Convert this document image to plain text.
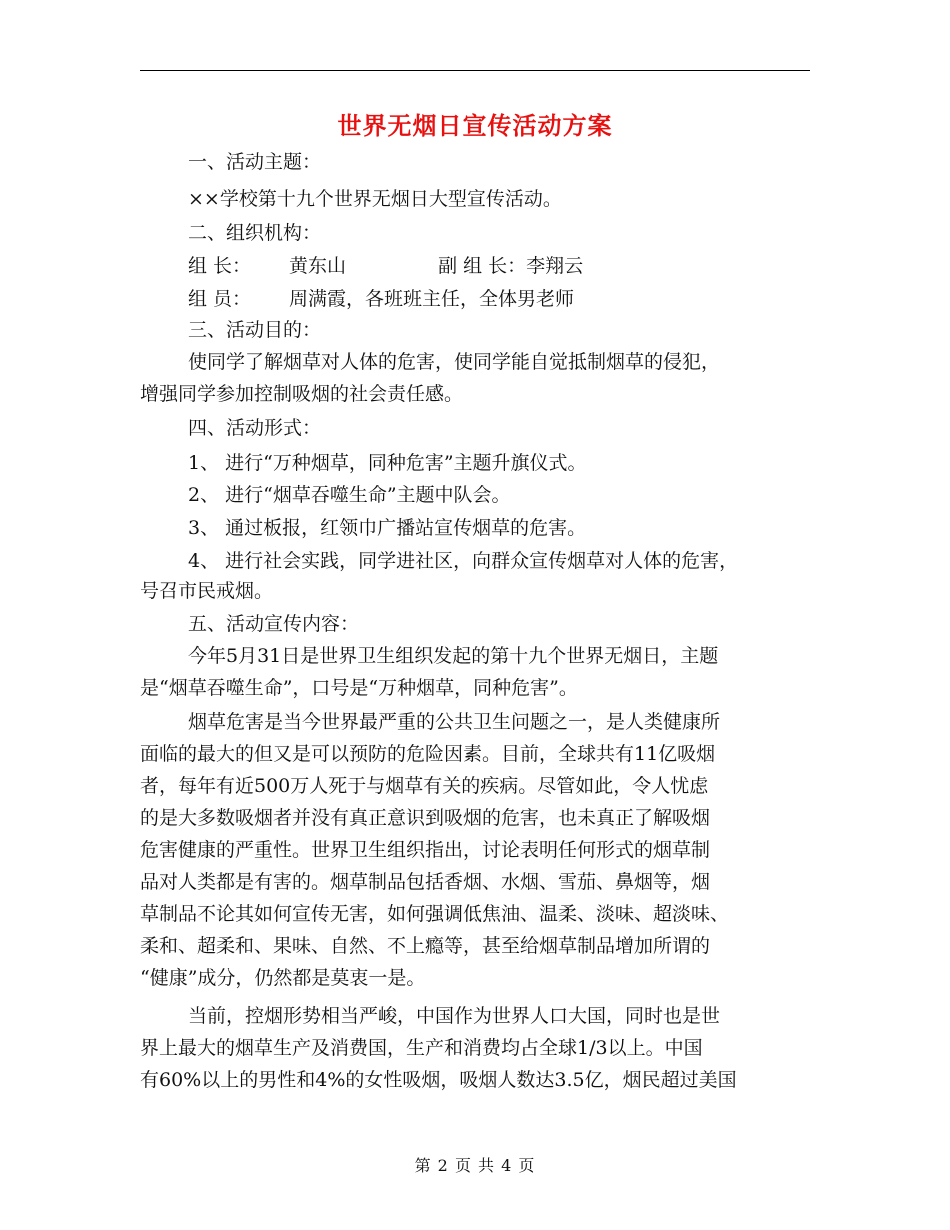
世界无烟日宣传活动方案
一、活动主题：
××学校第十九个世界无烟日大型宣传活动。
二、组织机构：
组 长： 黄东山	副 组 长：李翔云
组 员： 周满霞，各班班主任，全体男老师
三、活动目的：
使同学了解烟草对人体的危害，使同学能自觉抵制烟草的侵犯，
增强同学参加控制吸烟的社会责任感。
四、活动形式：
1、 进行“万种烟草，同种危害”主题升旗仪式。
2、 进行“烟草吞噬生命”主题中队会。
3、 通过板报，红领巾广播站宣传烟草的危害。
4、 进行社会实践，同学进社区，向群众宣传烟草对人体的危害，
号召市民戒烟。
五、活动宣传内容：
今年5月31日是世界卫生组织发起的第十九个世界无烟日，主题
是“烟草吞噬生命”，口号是“万种烟草，同种危害”。
烟草危害是当今世界最严重的公共卫生问题之一，是人类健康所
面临的最大的但又是可以预防的危险因素。目前，全球共有11亿吸烟
者，每年有近500万人死于与烟草有关的疾病。尽管如此，令人忧虑
的是大多数吸烟者并没有真正意识到吸烟的危害，也未真正了解吸烟
危害健康的严重性。世界卫生组织指出，讨论表明任何形式的烟草制
品对人类都是有害的。烟草制品包括香烟、水烟、雪茄、鼻烟等，烟
草制品不论其如何宣传无害，如何强调低焦油、温柔、淡味、超淡味、
柔和、超柔和、果味、自然、不上瘾等，甚至给烟草制品增加所谓的
“健康”成分，仍然都是莫衷一是。
当前，控烟形势相当严峻，中国作为世界人口大国，同时也是世
界上最大的烟草生产及消费国，生产和消费均占全球1/3以上。中国
有60%以上的男性和4%的女性吸烟，吸烟人数达3.5亿，烟民超过美国
第 2 页 共 4 页
